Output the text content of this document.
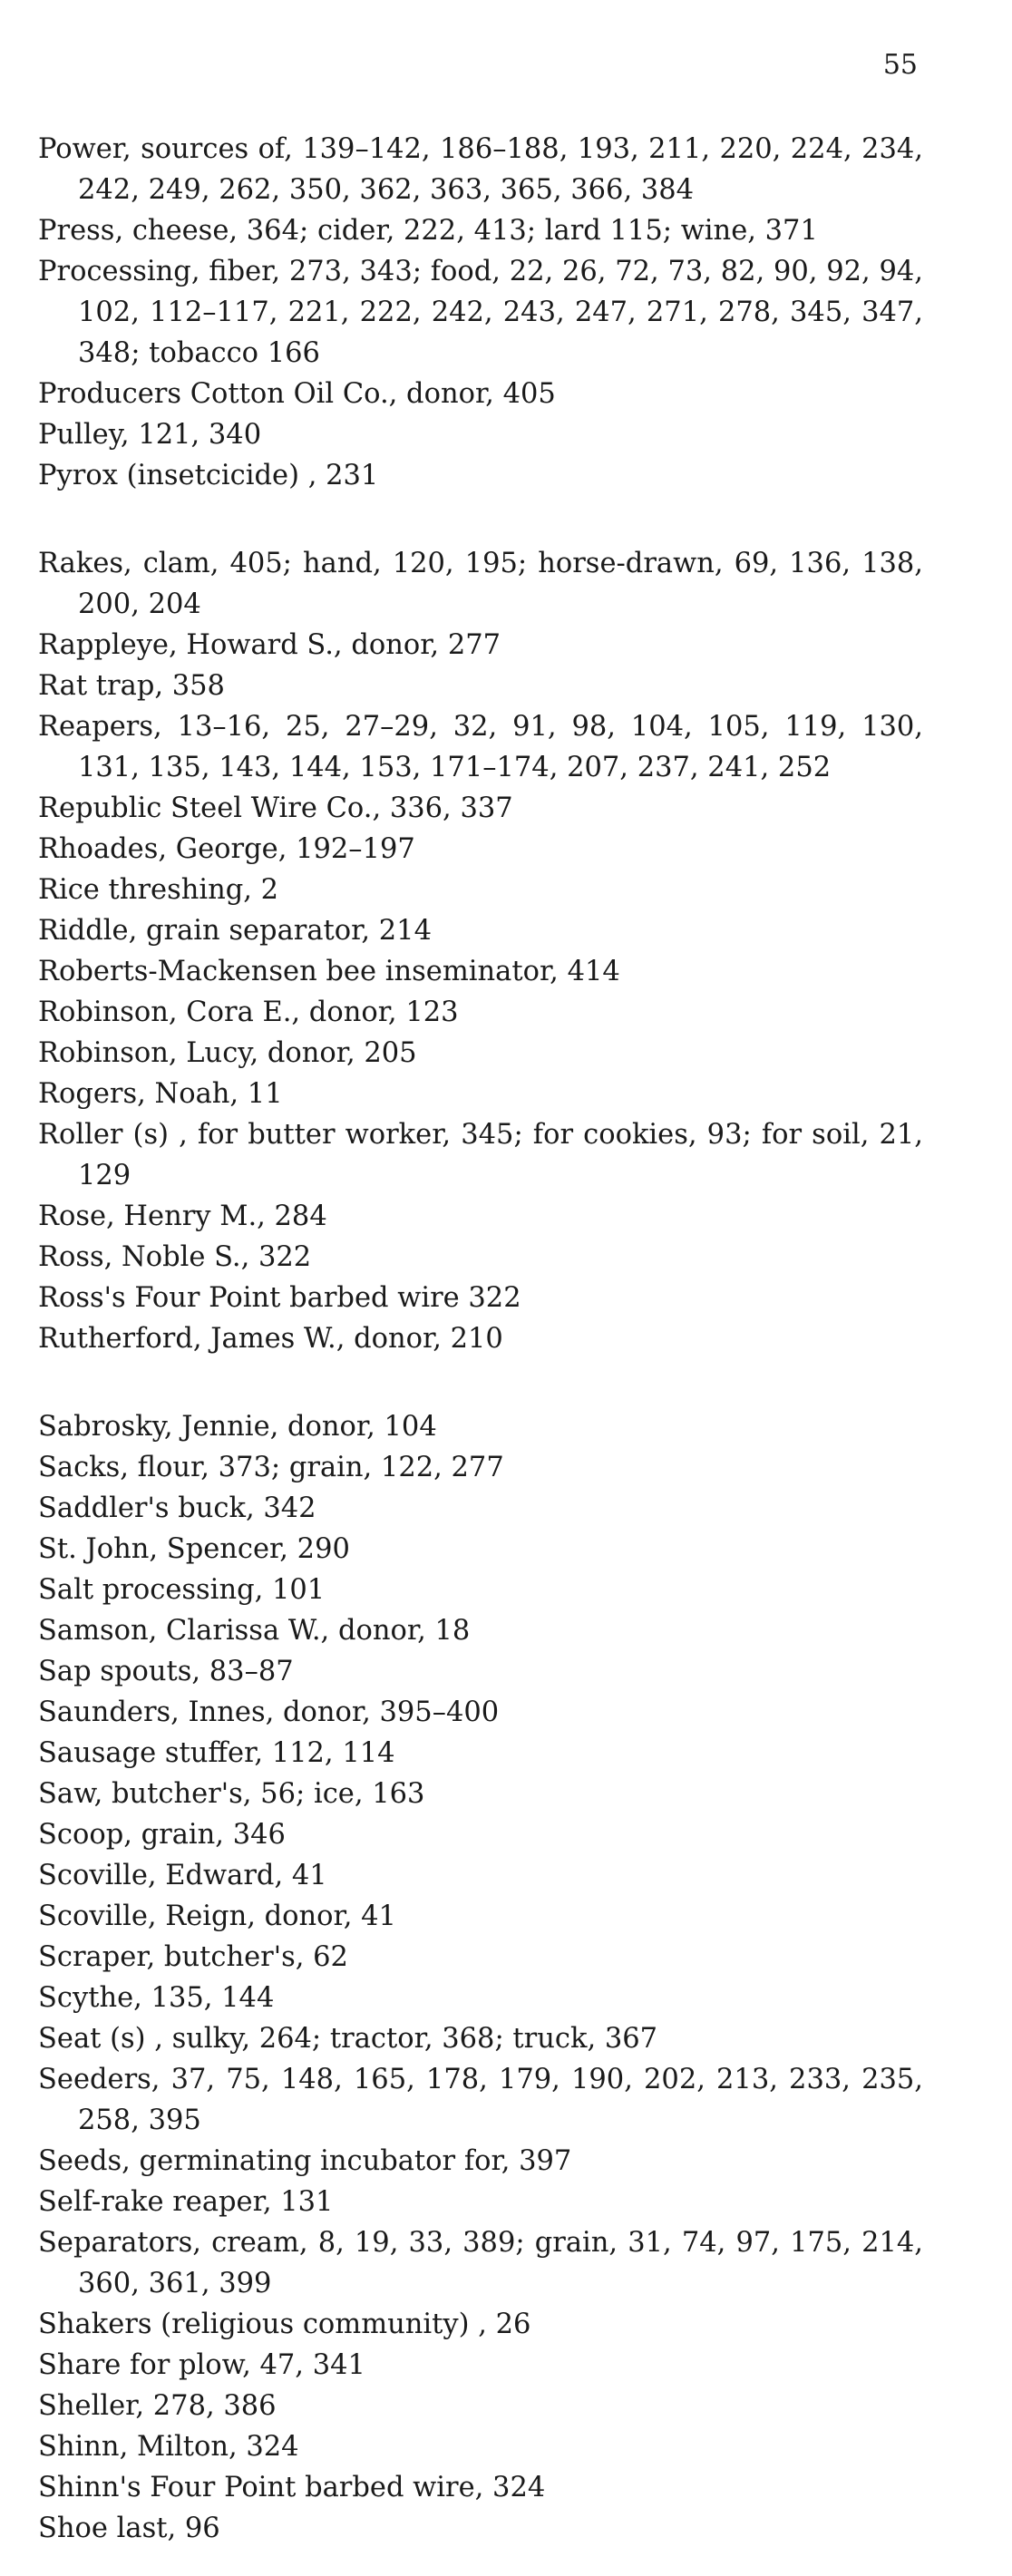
55

Power, sources of, 139–142, 186–188, 193, 211, 220, 224, 234, 242, 249, 262, 350, 362, 363, 365, 366, 384

Press, cheese, 364; cider, 222, 413; lard 115; wine, 371

Processing, fiber, 273, 343; food, 22, 26, 72, 73, 82, 90, 92, 94, 102, 112–117, 221, 222, 242, 243, 247, 271, 278, 345, 347, 348; tobacco 166

Producers Cotton Oil Co., donor, 405

Pulley, 121, 340

Pyrox (insetcicide) , 231

Rakes, clam, 405; hand, 120, 195; horse-drawn, 69, 136, 138, 200, 204

Rappleye, Howard S., donor, 277

Rat trap, 358

Reapers, 13–16, 25, 27–29, 32, 91, 98, 104, 105, 119, 130, 131, 135, 143, 144, 153, 171–174, 207, 237, 241, 252

Republic Steel Wire Co., 336, 337

Rhoades, George, 192–197

Rice threshing, 2

Riddle, grain separator, 214

Roberts-Mackensen bee inseminator, 414

Robinson, Cora E., donor, 123

Robinson, Lucy, donor, 205

Rogers, Noah, 11

Roller (s) , for butter worker, 345; for cookies, 93; for soil, 21, 129

Rose, Henry M., 284

Ross, Noble S., 322

Ross's Four Point barbed wire 322

Rutherford, James W., donor, 210

Sabrosky, Jennie, donor, 104

Sacks, flour, 373; grain, 122, 277

Saddler's buck, 342

St. John, Spencer, 290

Salt processing, 101

Samson, Clarissa W., donor, 18

Sap spouts, 83–87

Saunders, Innes, donor, 395–400

Sausage stuffer, 112, 114

Saw, butcher's, 56; ice, 163

Scoop, grain, 346

Scoville, Edward, 41

Scoville, Reign, donor, 41

Scraper, butcher's, 62

Scythe, 135, 144

Seat (s) , sulky, 264; tractor, 368; truck, 367

Seeders, 37, 75, 148, 165, 178, 179, 190, 202, 213, 233, 235, 258, 395

Seeds, germinating incubator for, 397

Self-rake reaper, 131

Separators, cream, 8, 19, 33, 389; grain, 31, 74, 97, 175, 214, 360, 361, 399

Shakers (religious community) , 26

Share for plow, 47, 341

Sheller, 278, 386

Shinn, Milton, 324

Shinn's Four Point barbed wire, 324

Shoe last, 96
